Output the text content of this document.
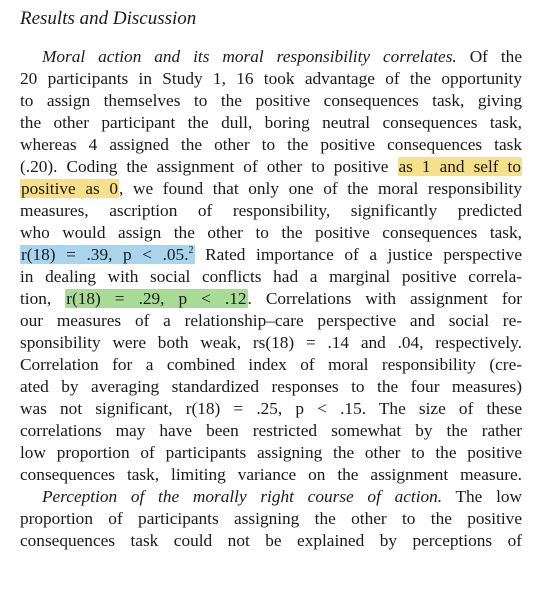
Results and Discussion
Moral action and its moral responsibility correlates. Of the
20 participants in Study 1, 16 took advantage of the opportunity
to assign themselves to the positive consequences task, giving
the other participant the dull, boring neutral consequences task,
whereas 4 assigned the other to the positive consequences task
(.20). Coding the assignment of other to positive as 1 and self to
positive as 0, we found that only one of the moral responsibility
measures, ascription of responsibility, significantly predicted
who would assign the other to the positive consequences task,
r(18) = .39, p < .05.$^2$ Rated importance of a justice perspective
in dealing with social conflicts had a marginal positive correla-
tion, r(18) = .29, p < .12. Correlations with assignment for
our measures of a relationship–care perspective and social re-
sponsibility were both weak, rs(18) = .14 and .04, respectively.
Correlation for a combined index of moral responsibility (cre-
ated by averaging standardized responses to the four measures)
was not significant, r(18) = .25, p < .15. The size of these
correlations may have been restricted somewhat by the rather
low proportion of participants assigning the other to the positive
consequences task, limiting variance on the assignment measure.
Perception of the morally right course of action. The low
proportion of participants assigning the other to the positive
consequences task could not be explained by perceptions of
